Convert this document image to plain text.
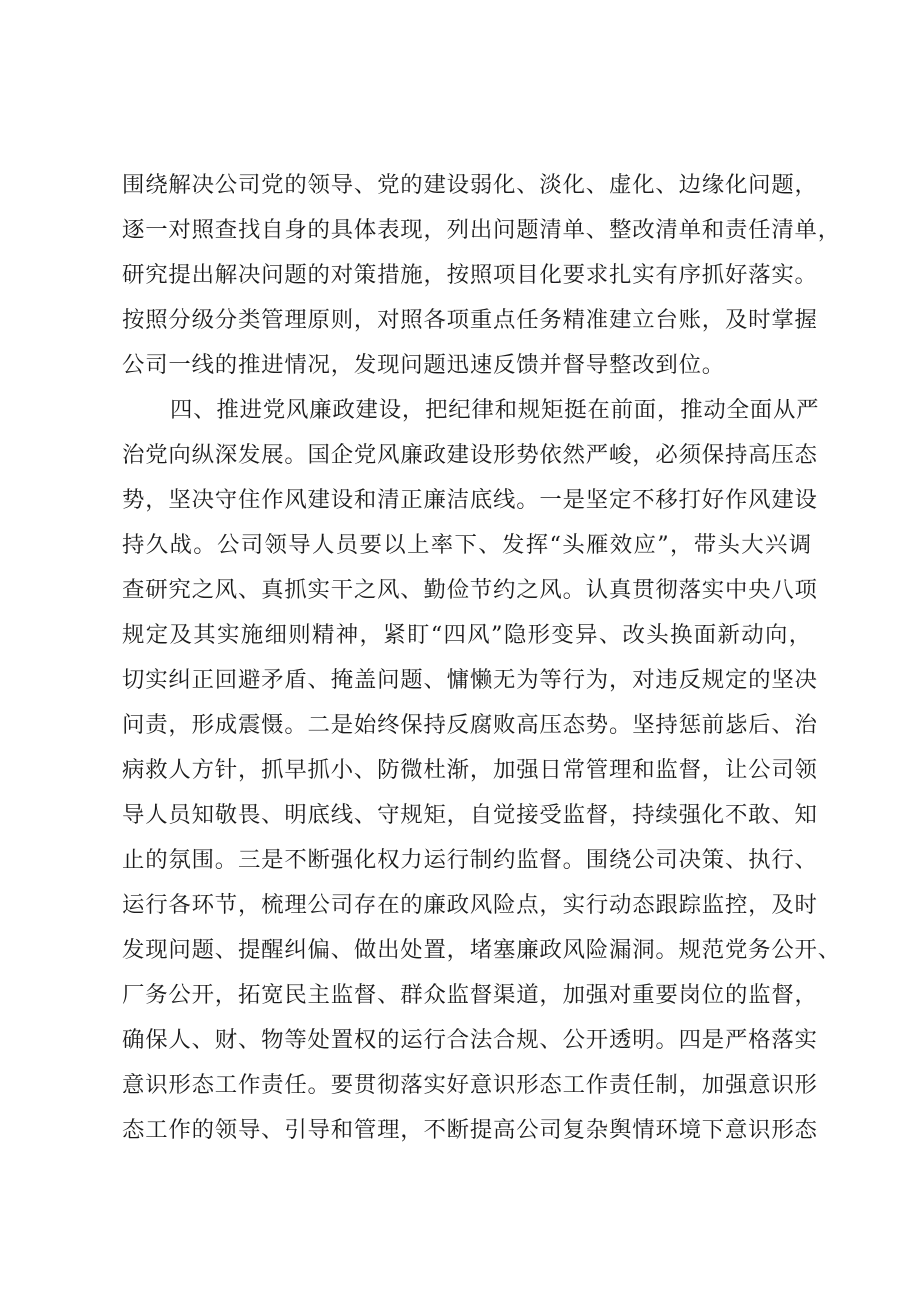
围绕解决公司党的领导、党的建设弱化、淡化、虚化、边缘化问题，
逐一对照查找自身的具体表现，列出问题清单、整改清单和责任清单，
研究提出解决问题的对策措施，按照项目化要求扎实有序抓好落实。
按照分级分类管理原则，对照各项重点任务精准建立台账，及时掌握
公司一线的推进情况，发现问题迅速反馈并督导整改到位。
四、推进党风廉政建设，把纪律和规矩挺在前面，推动全面从严
治党向纵深发展。国企党风廉政建设形势依然严峻，必须保持高压态
势，坚决守住作风建设和清正廉洁底线。一是坚定不移打好作风建设
持久战。公司领导人员要以上率下、发挥“头雁效应”，带头大兴调
查研究之风、真抓实干之风、勤俭节约之风。认真贯彻落实中央八项
规定及其实施细则精神，紧盯“四风”隐形变异、改头换面新动向，
切实纠正回避矛盾、掩盖问题、慵懒无为等行为，对违反规定的坚决
问责，形成震慑。二是始终保持反腐败高压态势。坚持惩前毖后、治
病救人方针，抓早抓小、防微杜渐，加强日常管理和监督，让公司领
导人员知敬畏、明底线、守规矩，自觉接受监督，持续强化不敢、知
止的氛围。三是不断强化权力运行制约监督。围绕公司决策、执行、
运行各环节，梳理公司存在的廉政风险点，实行动态跟踪监控，及时
发现问题、提醒纠偏、做出处置，堵塞廉政风险漏洞。规范党务公开、
厂务公开，拓宽民主监督、群众监督渠道，加强对重要岗位的监督，
确保人、财、物等处置权的运行合法合规、公开透明。四是严格落实
意识形态工作责任。要贯彻落实好意识形态工作责任制，加强意识形
态工作的领导、引导和管理，不断提高公司复杂舆情环境下意识形态
